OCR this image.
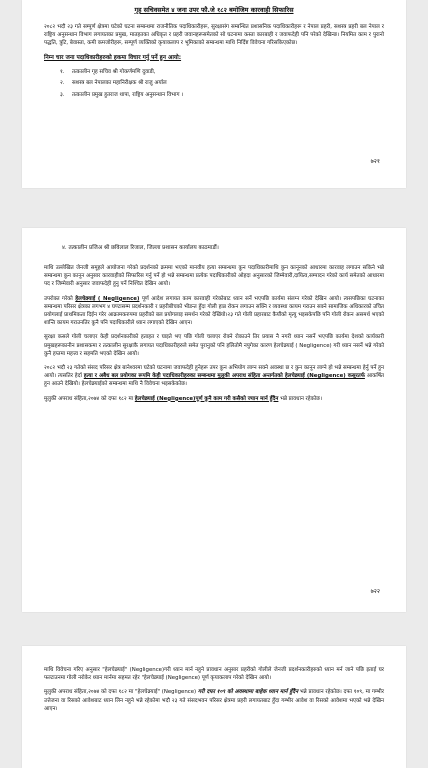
गृह सचिवसमेत ४ जना उपर फौ.जे १८२ बमोजिम कारवाही सिफारिस

२०८२ भदौ २३ गते सम्पूर्ण क्षेत्रमा घटेको घटना सम्बन्धमा राजनीतिक पदाधिकारीहरू, सुरक्षासंग सम्बन्धित प्रशासनिक पदाधिकारीहरू र नेपाल प्रहरी, सशस्त्र प्रहरी बल नेपाल र राष्ट्रिय अनुसन्धान विभाग लगायतका प्रमुख, मातहतका अधिकृत र प्रहरी जवानहरूसमेतको सो घटनामा कस्ता कारबाही र जवाफदेही पनि परेको देखिन्छ। नियमित काम र पुरानो पद्धति, त्रुटि, बेवास्ता, कमी कमजोरीहरू, सम्पूर्ण व्यक्तिको कृयाकलाप र भूमिकाको सम्बन्धमा माथि निर्दिष्ट विवेचना गरिसकिएकोछ।

निम्न चार जना पदाधिकारीहरुको हकमा विचार गर्नु पर्ने हुन आयो:
१. तत्कालीन गृह सचिव श्री गोकर्णमणि दुवाडी,
२. सशस्त्र बल नेपालका महानिरीक्षक श्री राजु अर्याल
३. तत्कालीन प्रमुख हुतराज थापा, राष्ट्रिय अनुसन्धान विभाग ।
७२१
४. तत्कालीन प्रजिअ श्री छविलाल रिजाल, जिल्ला प्रशासन कार्यालय काठमाडौं।

माथि उल्लेखित जेनजी समूहले आयोजना गरेको प्रदर्शनको क्रममा भएको मानवीय हत्या सम्बन्धमा कुन पदाधिकारीमाथि कुन कानूनको आधारमा कारवाह लगाउन सकिने भन्ने सम्बन्धमा कुन कानून अनुसार कारवाहीको सिफारिस गर्नु पर्ने हो भन्ने सम्बन्धमा प्रत्येक पदाधिकारीको ओहदा अनुसारको जिम्मेवारी,दायित्व,सम्पादन गरेको कार्य समेतको आधारमा पद र जिम्मेवारी अनुसार जवाफदेही हुनु पर्ने निश्चित देखिन आयो।

उपरोक्त गरेको हेलचेक्र्याई ( Negligence) पूर्ण आदेश लगायत काम कारवाही गरेकोबाट ध्यान सर्ने भएपछि कार्यमा संलग्न गरेको देखिन आयो। त्यसपछिका घटनाका सम्बन्धमा परिसर क्षेत्रका लगभग ४ घण्टासम्म प्रदर्शनकारी र प्रहरीबीचको भीडन्त हुँदा गोली हान्न रोकन लगाउन सक्नि र व्यवस्था कायम गराउन सक्ने सामाजिक अधिकारको उचित प्रयोगलाई प्राथमिकता दिईन गरेर आक्रामकरुपमा प्रहरीको बल प्रयोगलाइ समर्थन गरेको देखिंयो।२३ गते गोली प्रहारबाट कैयौंको मृत्यु भइसकेपछि पनि गोली रोकन असमर्थ भएको शान्ति कायम गराउनतिर कुनै पनि पदाधिकारीले ध्यान लगाएको देखिन आएन।

सुरक्षा कसले गोली चलाएर केही प्रदर्शनकारीको हताहत र घाइते भए पछि गोली चलाएर रोक्ने रोकाउने तिर प्रयास नै नगरी ध्यान नसर्ने भएपछि कार्यमा देशको कार्यकारी प्रमुखहरूकानीन प्रशासकमा र तत्कालीन सुरक्षाकै लगायत पदाधिकारीहरुले समेत पुरानुको पनि हलितोमै नपुगेका कारण हेलचेक्र्याई ( Negligence) गरी ध्यान नसर्ने भन्ने गरेको कुनै हप्तमा महत्त्व र सहमति भएको देखिन आयो।

२०८२ भदौ २३ गतेको संसद परिसर क्षेत्र बानेश्वरमा घटेको घटनामा जवाफदेही हुनेहरू उपर कुन अभियोग लाग्न सक्ने अवस्था छ र कुन कानून लाग्ने हो भन्ने सम्बन्धमा हेर्नु पर्ने हुन आयो। त्यसतिर हेर्दा हत्या र अबैध बल प्रयोगका रूपमि केही पदाधिकारीहरुका सम्बन्धमा मुलुकी अपराध संहिता अन्तर्गतको हेलचेक्र्याई (Negligence) कसूरतर्फ आकर्षित हुन आउने देखियो। हेलचेक्र्याईको सम्बन्धमा माथि नै विवेचना भइसकेकोछ।

मुलुकी अपराध संहिता,२०७४ को दफा १८२ मा हेलचेक्र्याई (Negligence)पूर्ण कुनै काम गरी कसैको ज्यान मार्न हुँदैन भन्ने प्रावधान रहेकोछ।

७२२

माथि विवेचना गरिए अनुसार "हेलचेक्र्याई" (Negligence)गरी ध्यान मार्न नहुने प्रावधान अनुसार प्रहरीको गोलीले जेनजी प्रदर्शनकारीहरुको ध्यान मर्न जाने पछि इताई घर फल्टाउनमा गोली नरोकेर ध्यान मार्नमा सहमत रहेर "हेलचेक्र्याई (Negligence) पूर्ण कृयाकलाप गरेको देखिन आयो।

मुलुकी अपराध संहिता,२०७४ को दफा १८२ मा "हेलचेक्र्याई" (Negligence) गरी दफा १०९ को अवस्थामा बाहेक ध्यान मार्न हुँदैन भन्ने प्रावधान रहेकोछ। दफा १०९, मा गम्भीर उत्तेजना वा रिसको आवेशबाट ध्यान लिन नहुने भन्ने रहेकोमा भदौ २३ गते संसदभवन परिसर क्षेत्रमा प्रहरी लगायतबाट हुँदा गम्भीर आवेश वा रिसको आवेशमा भएको भन्ने देखिन आएन।
